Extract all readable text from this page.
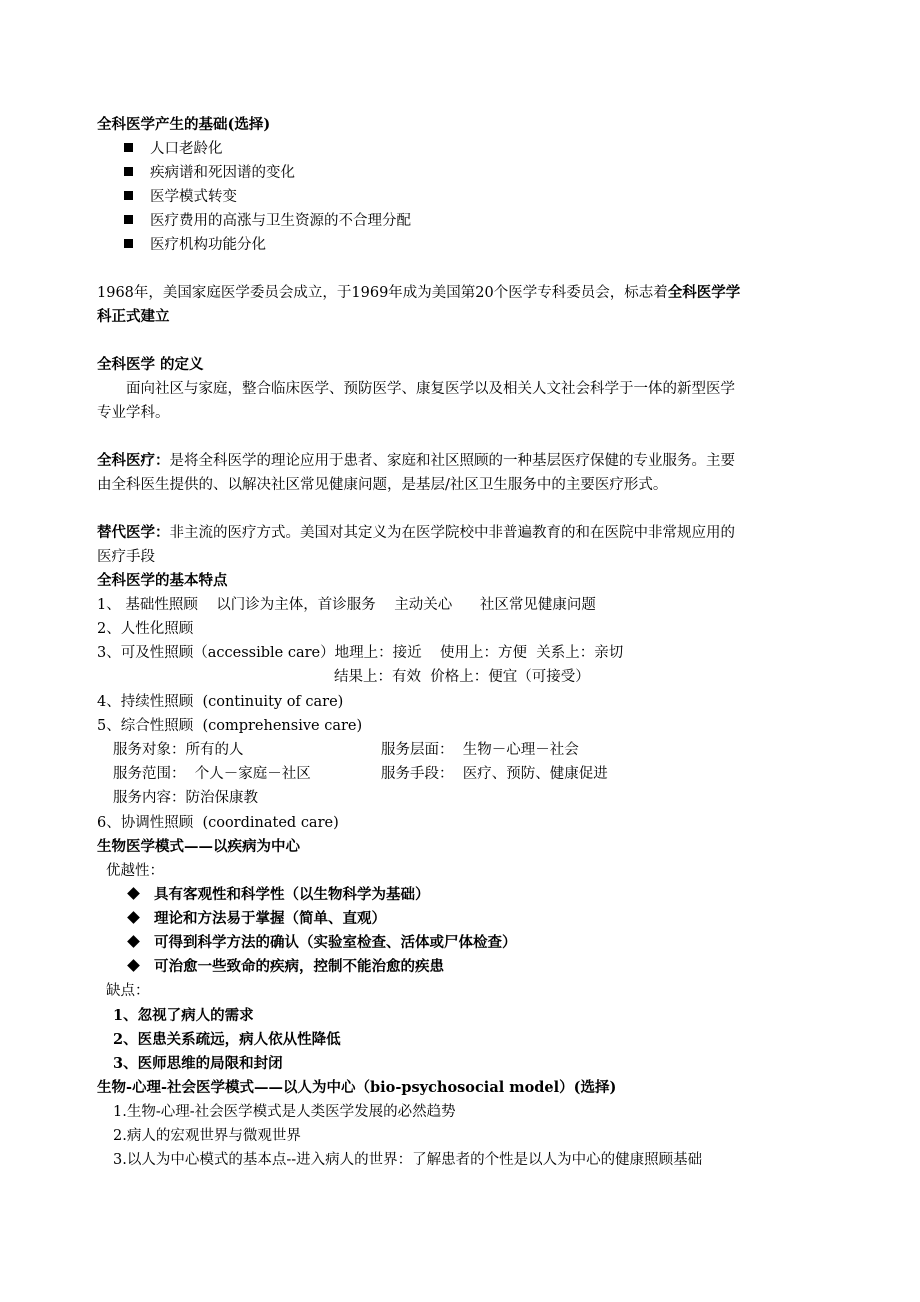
全科医学产生的基础(选择)
人口老龄化
疾病谱和死因谱的变化
医学模式转变
医疗费用的高涨与卫生资源的不合理分配
医疗机构功能分化
1968年，美国家庭医学委员会成立，于1969年成为美国第20个医学专科委员会，标志着全科医学学
科正式建立
全科医学 的定义
面向社区与家庭，整合临床医学、预防医学、康复医学以及相关人文社会科学于一体的新型医学
专业学科。
全科医疗：是将全科医学的理论应用于患者、家庭和社区照顾的一种基层医疗保健的专业服务。主要
由全科医生提供的、以解决社区常见健康问题，是基层/社区卫生服务中的主要医疗形式。
替代医学：非主流的医疗方式。美国对其定义为在医学院校中非普遍教育的和在医院中非常规应用的
医疗手段
全科医学的基本特点
1、 基础性照顾    以门诊为主体，首诊服务    主动关心      社区常见健康问题
2、人性化照顾
3、可及性照顾（accessible care）地理上：接近    使用上：方便  关系上：亲切
结果上：有效  价格上：便宜（可接受）
4、持续性照顾  (continuity of care)
5、综合性照顾  (comprehensive care)
服务对象：所有的人	服务层面：  生物－心理－社会
服务范围：  个人－家庭－社区	服务手段：  医疗、预防、健康促进
服务内容：防治保康教
6、协调性照顾  (coordinated care)
生物医学模式——以疾病为中心
优越性：
具有客观性和科学性（以生物科学为基础）
理论和方法易于掌握（简单、直观）
可得到科学方法的确认（实验室检查、活体或尸体检查）
可治愈一些致命的疾病，控制不能治愈的疾患
缺点：
1、忽视了病人的需求
2、医患关系疏远，病人依从性降低
3、医师思维的局限和封闭
生物-心理-社会医学模式——以人为中心（bio-psychosocial model）(选择)
1.生物-心理-社会医学模式是人类医学发展的必然趋势
2.病人的宏观世界与微观世界
3.以人为中心模式的基本点--进入病人的世界：了解患者的个性是以人为中心的健康照顾基础
